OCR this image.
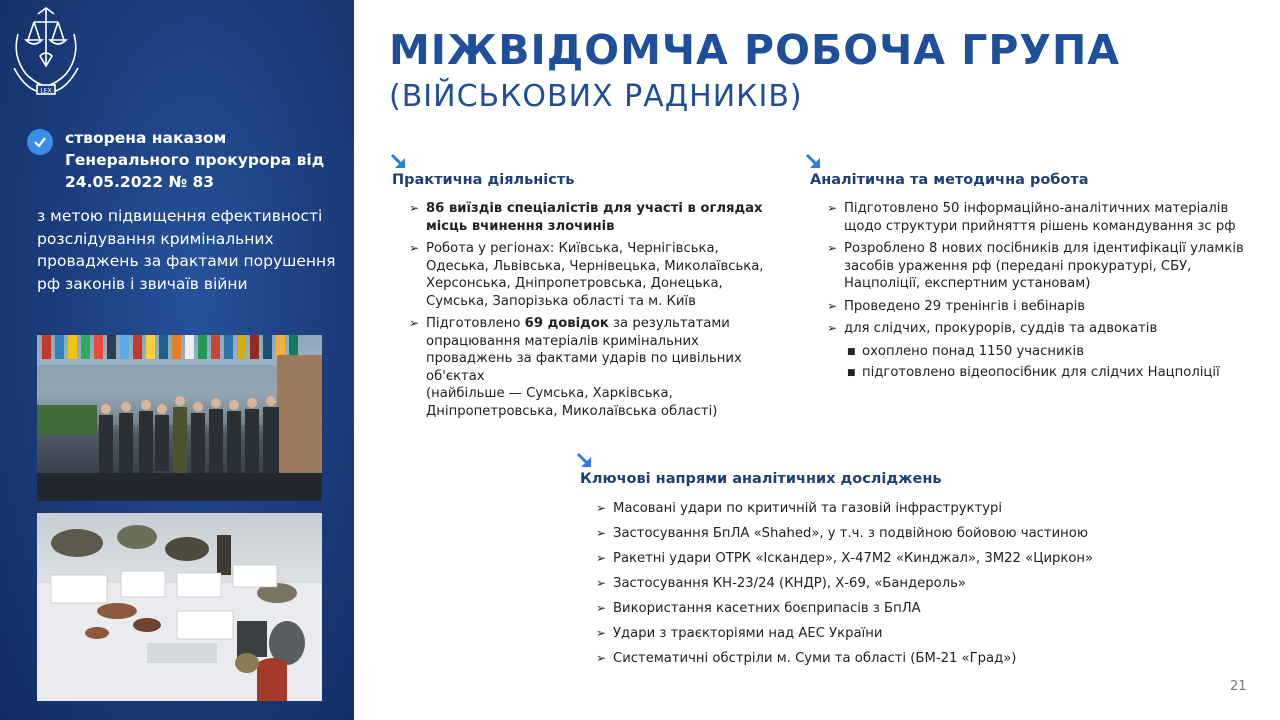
LEX
створена наказом Генерального прокурора від 24.05.2022 № 83
з метою підвищення ефективності розслідування кримінальних проваджень за фактами порушення рф законів і звичаїв війни
МІЖВІДОМЧА РОБОЧА ГРУПА
(ВІЙСЬКОВИХ РАДНИКІВ)
Практична діяльність
➢ 86 виїздів спеціалістів для участі в оглядах місць вчинення злочинів
➢ Робота у регіонах: Київська, Чернігівська, Одеська, Львівська, Чернівецька, Миколаївська, Херсонська, Дніпропетровська, Донецька, Сумська, Запорізька області та м. Київ
➢ Підготовлено 69 довідок за результатами опрацювання матеріалів кримінальних проваджень за фактами ударів по цивільних об'єктах
(найбільше — Сумська, Харківська, Дніпропетровська, Миколаївська області)
Аналітична та методична робота
➢ Підготовлено 50 інформаційно-аналітичних матеріалів щодо структури прийняття рішень командування зс рф
➢ Розроблено 8 нових посібників для ідентифікації уламків засобів ураження рф (передані прокуратурі, СБУ, Нацполіції, експертним установам)
➢ Проведено 29 тренінгів і вебінарів
➢ для слідчих, прокурорів, суддів та адвокатів
■ охоплено понад 1150 учасників
■ підготовлено відеопосібник для слідчих Нацполіції
Ключові напрями аналітичних досліджень
➢ Масовані удари по критичній та газовій інфраструктурі
➢ Застосування БпЛА «Shahed», у т.ч. з подвійною бойовою частиною
➢ Ракетні удари ОТРК «Іскандер», Х-47М2 «Кинджал», 3М22 «Циркон»
➢ Застосування КН-23/24 (КНДР), Х-69, «Бандероль»
➢ Використання касетних боєприпасів з БпЛА
➢ Удари з траєкторіями над АЕС України
➢ Систематичні обстріли м. Суми та області (БМ-21 «Град»)
21
